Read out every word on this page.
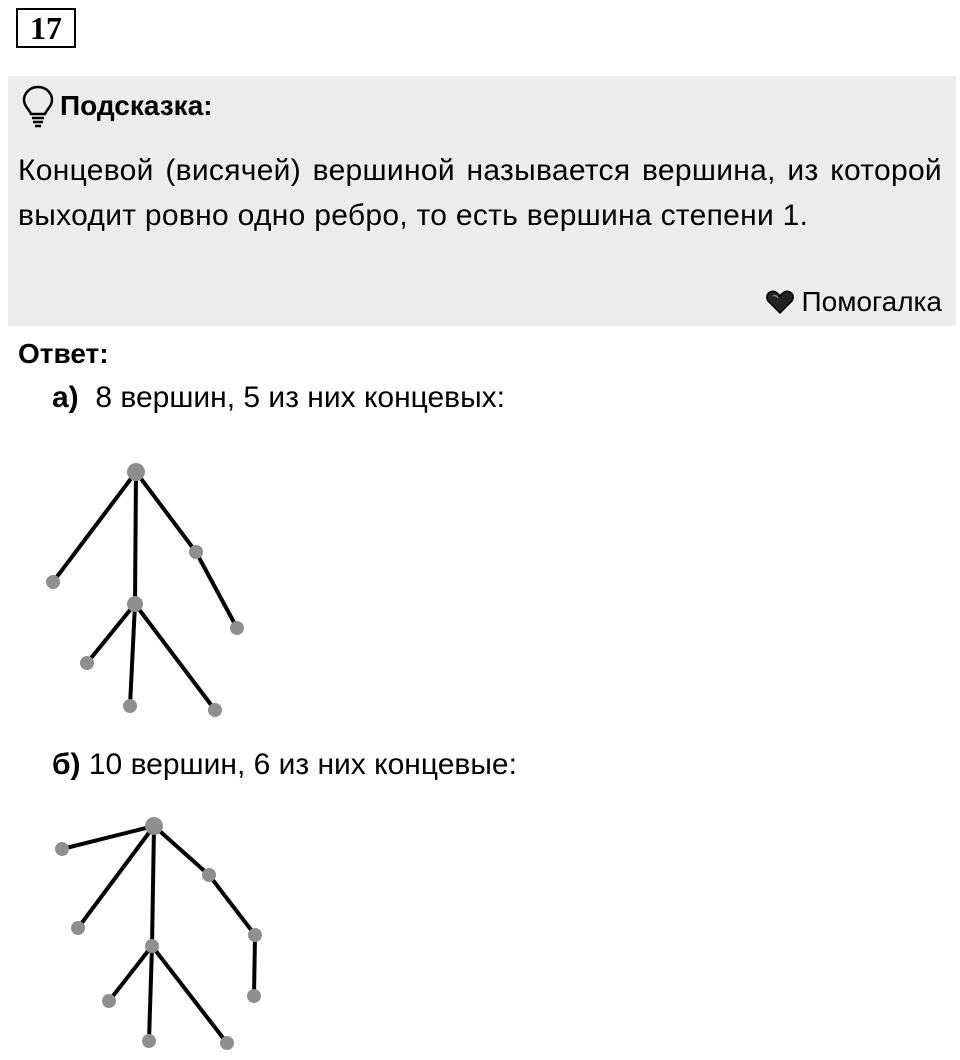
17
Подсказка:
Концевой (висячей) вершиной называется вершина, из которой выходит ровно одно ребро, то есть вершина степени 1.
Помогалка
Ответ:
а) 8 вершин, 5 из них концевых:
б) 10 вершин, 6 из них концевые:
